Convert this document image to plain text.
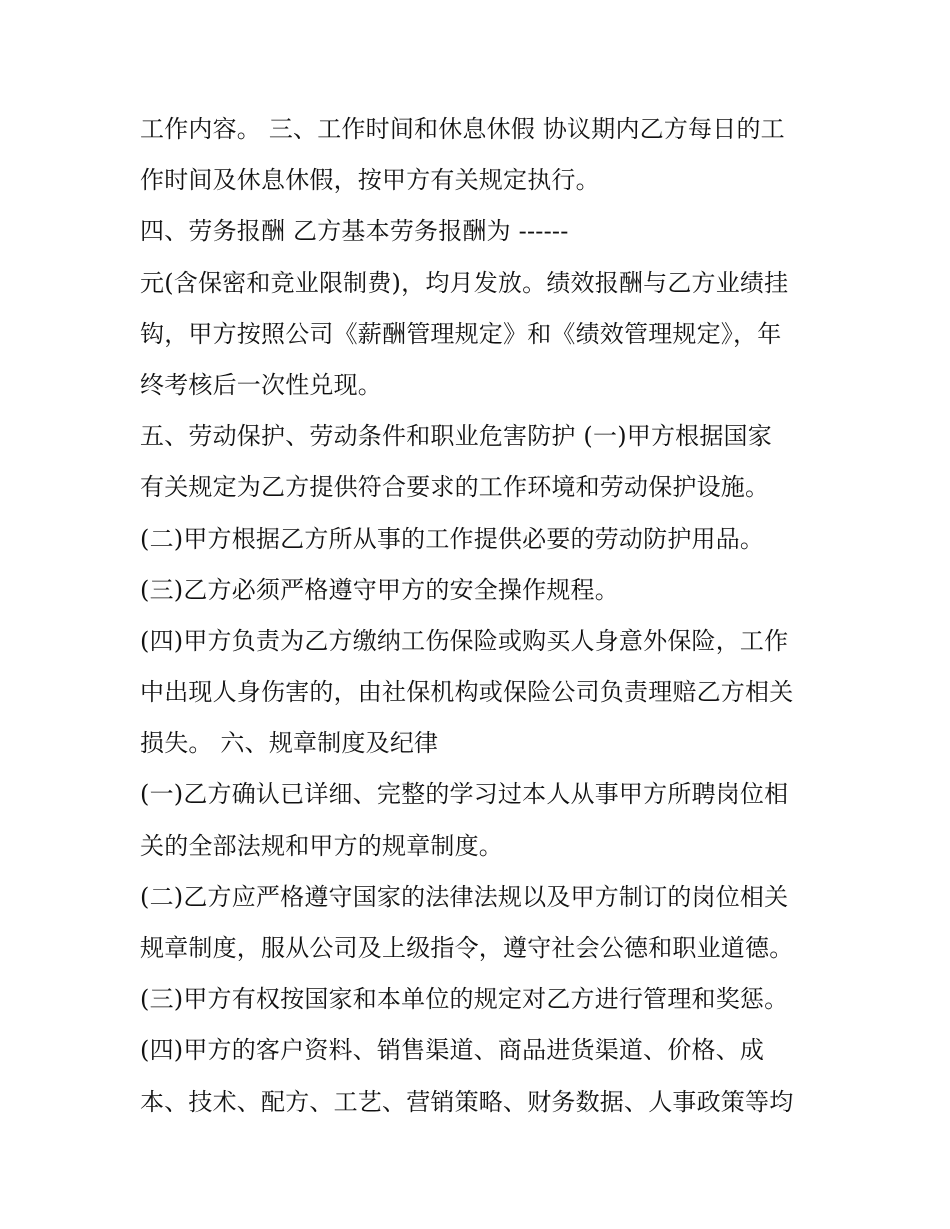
工作内容。 三、工作时间和休息休假 协议期内乙方每日的工
作时间及休息休假，按甲方有关规定执行。
四、劳务报酬 乙方基本劳务报酬为 ------
元(含保密和竞业限制费)，均月发放。绩效报酬与乙方业绩挂
钩，甲方按照公司《薪酬管理规定》和《绩效管理规定》，年
终考核后一次性兑现。
五、劳动保护、劳动条件和职业危害防护 (一)甲方根据国家
有关规定为乙方提供符合要求的工作环境和劳动保护设施。
(二)甲方根据乙方所从事的工作提供必要的劳动防护用品。
(三)乙方必须严格遵守甲方的安全操作规程。
(四)甲方负责为乙方缴纳工伤保险或购买人身意外保险，工作
中出现人身伤害的，由社保机构或保险公司负责理赔乙方相关
损失。 六、规章制度及纪律
(一)乙方确认已详细、完整的学习过本人从事甲方所聘岗位相
关的全部法规和甲方的规章制度。
(二)乙方应严格遵守国家的法律法规以及甲方制订的岗位相关
规章制度，服从公司及上级指令，遵守社会公德和职业道德。
(三)甲方有权按国家和本单位的规定对乙方进行管理和奖惩。
(四)甲方的客户资料、销售渠道、商品进货渠道、价格、成
本、技术、配方、工艺、营销策略、财务数据、人事政策等均
